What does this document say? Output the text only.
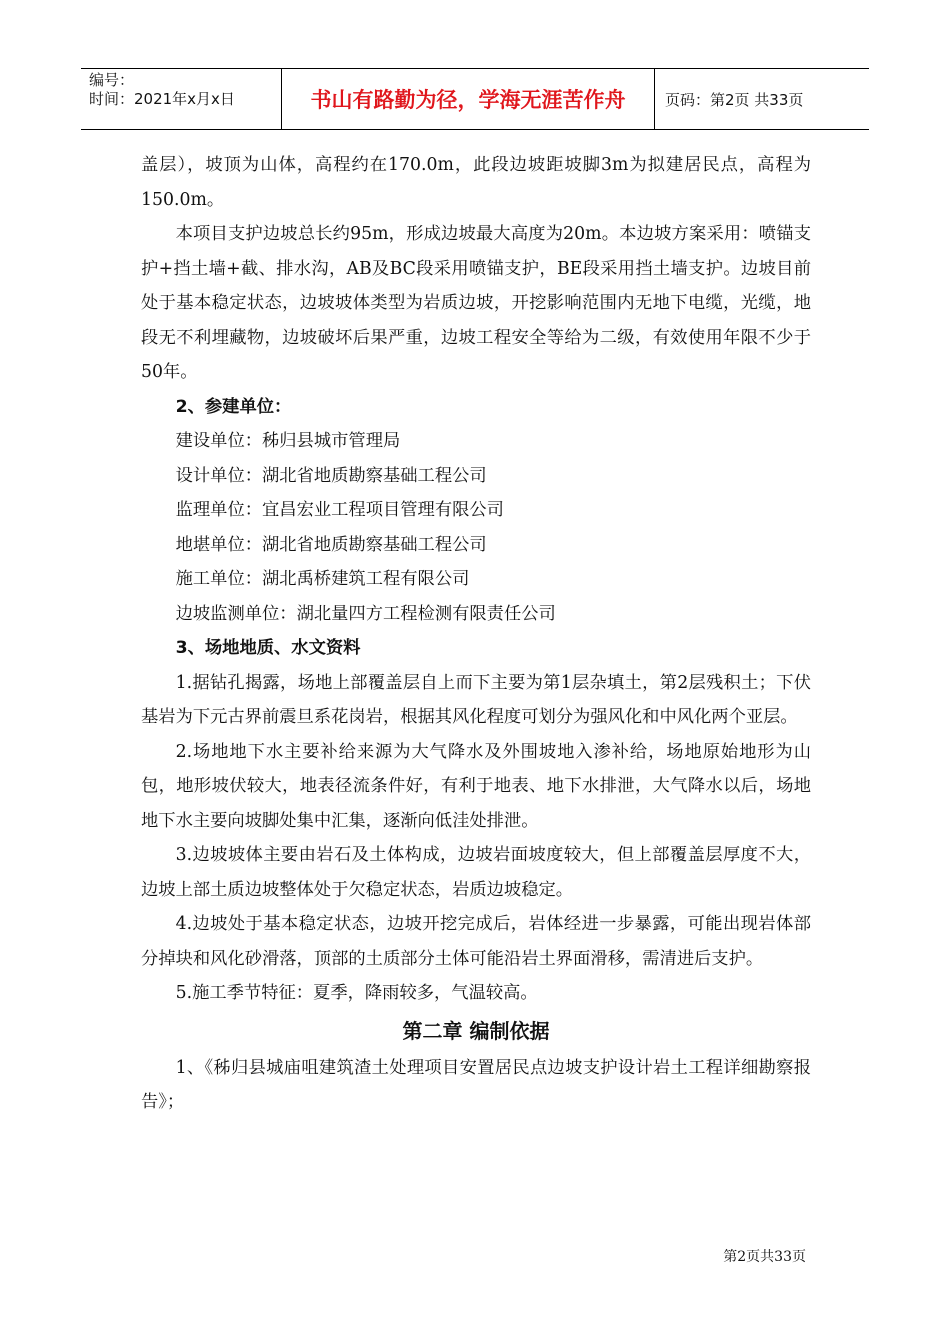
编号：
时间：2021年x月x日	书山有路勤为径，学海无涯苦作舟	页码：第2页 共33页

盖层），坡顶为山体，高程约在170.0m，此段边坡距坡脚3m为拟建居民点，高程为150.0m。

本项目支护边坡总长约95m，形成边坡最大高度为20m。本边坡方案采用：喷锚支护+挡土墙+截、排水沟，AB及BC段采用喷锚支护，BE段采用挡土墙支护。边坡目前处于基本稳定状态，边坡坡体类型为岩质边坡，开挖影响范围内无地下电缆，光缆，地段无不利埋藏物，边坡破坏后果严重，边坡工程安全等给为二级，有效使用年限不少于50年。

2、参建单位：

建设单位：秭归县城市管理局

设计单位：湖北省地质勘察基础工程公司

监理单位：宜昌宏业工程项目管理有限公司

地堪单位：湖北省地质勘察基础工程公司

施工单位：湖北禹桥建筑工程有限公司

边坡监测单位：湖北量四方工程检测有限责任公司

3、场地地质、水文资料

1.据钻孔揭露，场地上部覆盖层自上而下主要为第1层杂填土，第2层残积土；下伏基岩为下元古界前震旦系花岗岩，根据其风化程度可划分为强风化和中风化两个亚层。

2.场地地下水主要补给来源为大气降水及外围坡地入渗补给，场地原始地形为山包，地形坡伏较大，地表径流条件好，有利于地表、地下水排泄，大气降水以后，场地地下水主要向坡脚处集中汇集，逐渐向低洼处排泄。

3.边坡坡体主要由岩石及土体构成，边坡岩面坡度较大，但上部覆盖层厚度不大，边坡上部土质边坡整体处于欠稳定状态，岩质边坡稳定。

4.边坡处于基本稳定状态，边坡开挖完成后，岩体经进一步暴露，可能出现岩体部分掉块和风化砂滑落，顶部的土质部分土体可能沿岩土界面滑移，需清进后支护。

5.施工季节特征：夏季，降雨较多，气温较高。

第二章 编制依据

1、《秭归县城庙咀建筑渣土处理项目安置居民点边坡支护设计岩土工程详细勘察报告》；

第2页共33页
